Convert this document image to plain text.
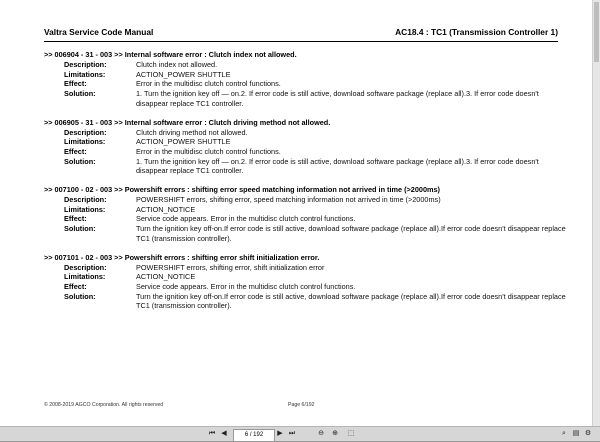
Valtra Service Code Manual	AC18.4 : TC1 (Transmission Controller 1)
>> 006904 - 31 - 003 >> Internal software error : Clutch index not allowed.
Description:	Clutch index not allowed.
Limitations:	ACTION_POWER SHUTTLE
Effect:	Error in the multidisc clutch control functions.
Solution:	1. Turn the ignition key off — on.2. If error code is still active, download software package (replace all).3. If error code doesn't disappear replace TC1 controller.
>> 006905 - 31 - 003 >> Internal software error : Clutch driving method not allowed.
Description:	Clutch driving method not allowed.
Limitations:	ACTION_POWER SHUTTLE
Effect:	Error in the multidisc clutch control functions.
Solution:	1. Turn the ignition key off — on.2. If error code is still active, download software package (replace all).3. If error code doesn't disappear replace TC1 controller.
>> 007100 - 02 - 003 >> Powershift errors : shifting error speed matching information not arrived in time (>2000ms)
Description:	POWERSHIFT errors, shifting error, speed matching information not arrived in time (>2000ms)
Limitations:	ACTION_NOTICE
Effect:	Service code appears. Error in the multidisc clutch control functions.
Solution:	Turn the ignition key off-on.If error code is still active, download software package (replace all).If error code doesn't disappear replace TC1 (transmission controller).
>> 007101 - 02 - 003 >> Powershift errors : shifting error shift initialization error.
Description:	POWERSHIFT errors, shifting error, shift initialization error
Limitations:	ACTION_NOTICE
Effect:	Service code appears. Error in the multidisc clutch control functions.
Solution:	Turn the ignition key off-on.If error code is still active, download software package (replace all).If error code doesn't disappear replace TC1 (transmission controller).
© 2008-2019 AGCO Corporation. All rights reserved	Page 6/192
⏮ ◀
6 / 192	▶ ⏭	⊖ ⊕ ⬚	⌕ ▤ ⚙
